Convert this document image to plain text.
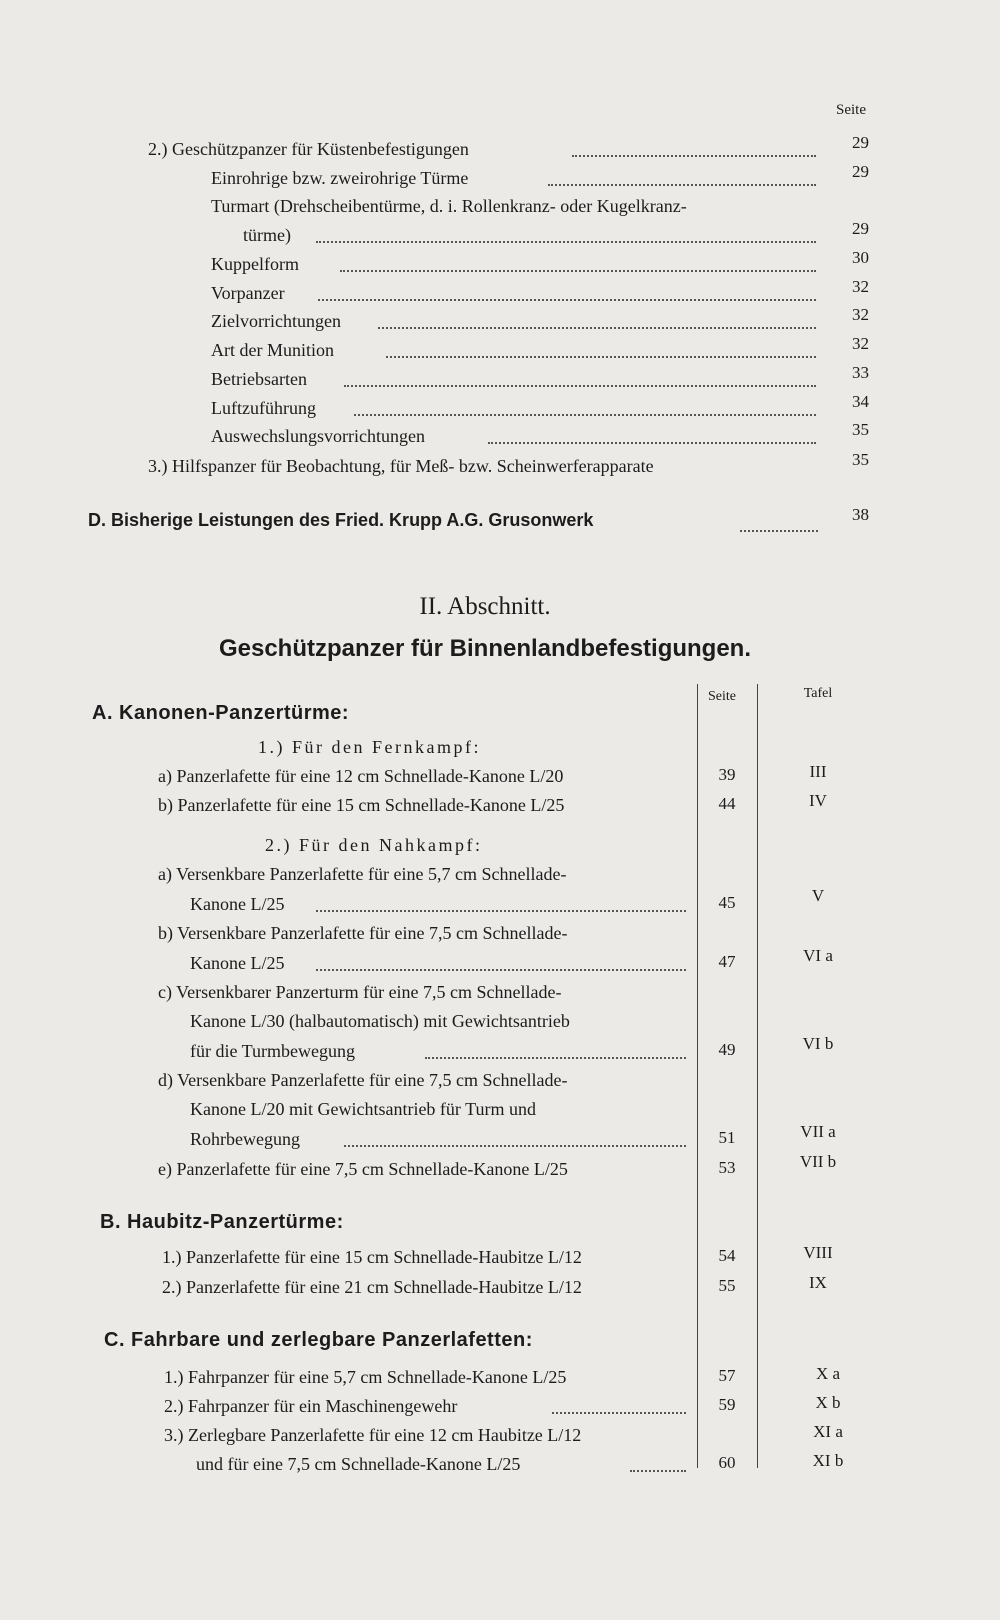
Seite
2.) Geschützpanzer für Küstenbefestigungen	29
Einrohrige bzw. zweirohrige Türme	29
Turmart (Drehscheibentürme, d. i. Rollenkranz- oder Kugelkranz-
türme)	29
Kuppelform	30
Vorpanzer	32
Zielvorrichtungen	32
Art der Munition	32
Betriebsarten	33
Luftzuführung	34
Auswechslungsvorrichtungen	35
3.) Hilfspanzer für Beobachtung, für Meß- bzw. Scheinwerferapparate	35
D. Bisherige Leistungen des Fried. Krupp A.G. Grusonwerk	38
II. Abschnitt.
Geschützpanzer für Binnenlandbefestigungen.
Seite	Tafel
A. Kanonen-Panzertürme:
1.) Für den Fernkampf:
a) Panzerlafette für eine 12 cm Schnellade-Kanone L/20	39	III
b) Panzerlafette für eine 15 cm Schnellade-Kanone L/25	44	IV
2.) Für den Nahkampf:
a) Versenkbare Panzerlafette für eine 5,7 cm Schnellade-
Kanone L/25	45	V
b) Versenkbare Panzerlafette für eine 7,5 cm Schnellade-
Kanone L/25	47	VI a
c) Versenkbarer Panzerturm für eine 7,5 cm Schnellade-
Kanone L/30 (halbautomatisch) mit Gewichtsantrieb
für die Turmbewegung	49	VI b
d) Versenkbare Panzerlafette für eine 7,5 cm Schnellade-
Kanone L/20 mit Gewichtsantrieb für Turm und
Rohrbewegung	51	VII a
e) Panzerlafette für eine 7,5 cm Schnellade-Kanone L/25	53	VII b
B. Haubitz-Panzertürme:
1.) Panzerlafette für eine 15 cm Schnellade-Haubitze L/12	54	VIII
2.) Panzerlafette für eine 21 cm Schnellade-Haubitze L/12	55	IX
C. Fahrbare und zerlegbare Panzerlafetten:
1.) Fahrpanzer für eine 5,7 cm Schnellade-Kanone L/25	57	X a
2.) Fahrpanzer für ein Maschinengewehr	59	X b
3.) Zerlegbare Panzerlafette für eine 12 cm Haubitze L/12	XI a
und für eine 7,5 cm Schnellade-Kanone L/25	60	XI b
